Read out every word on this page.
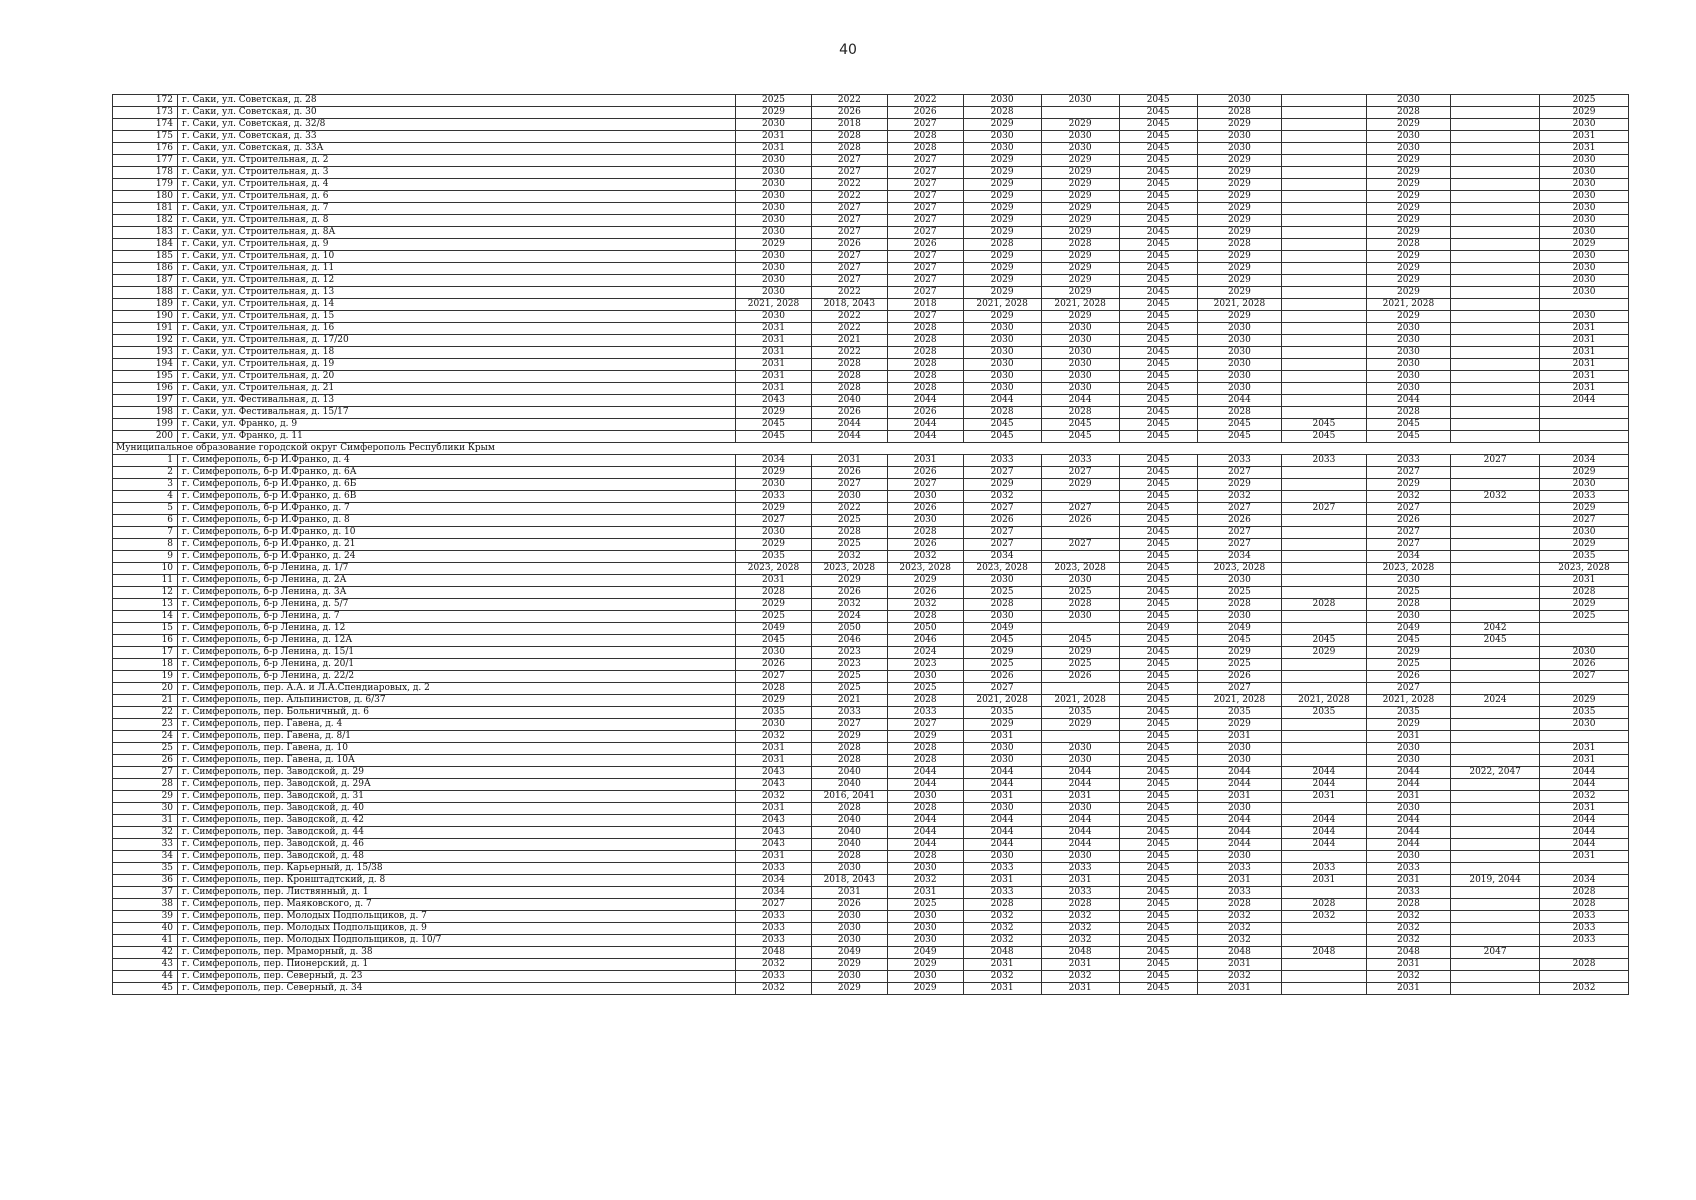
40
172	г. Саки, ул. Советская, д. 28	2025	2022	2022	2030	2030	2045	2030		2030		2025
173	г. Саки, ул. Советская, д. 30	2029	2026	2026	2028		2045	2028		2028		2029
174	г. Саки, ул. Советская, д. 32/8	2030	2018	2027	2029	2029	2045	2029		2029		2030
175	г. Саки, ул. Советская, д. 33	2031	2028	2028	2030	2030	2045	2030		2030		2031
176	г. Саки, ул. Советская, д. 33А	2031	2028	2028	2030	2030	2045	2030		2030		2031
177	г. Саки, ул. Строительная, д. 2	2030	2027	2027	2029	2029	2045	2029		2029		2030
178	г. Саки, ул. Строительная, д. 3	2030	2027	2027	2029	2029	2045	2029		2029		2030
179	г. Саки, ул. Строительная, д. 4	2030	2022	2027	2029	2029	2045	2029		2029		2030
180	г. Саки, ул. Строительная, д. 6	2030	2022	2027	2029	2029	2045	2029		2029		2030
181	г. Саки, ул. Строительная, д. 7	2030	2027	2027	2029	2029	2045	2029		2029		2030
182	г. Саки, ул. Строительная, д. 8	2030	2027	2027	2029	2029	2045	2029		2029		2030
183	г. Саки, ул. Строительная, д. 8А	2030	2027	2027	2029	2029	2045	2029		2029		2030
184	г. Саки, ул. Строительная, д. 9	2029	2026	2026	2028	2028	2045	2028		2028		2029
185	г. Саки, ул. Строительная, д. 10	2030	2027	2027	2029	2029	2045	2029		2029		2030
186	г. Саки, ул. Строительная, д. 11	2030	2027	2027	2029	2029	2045	2029		2029		2030
187	г. Саки, ул. Строительная, д. 12	2030	2027	2027	2029	2029	2045	2029		2029		2030
188	г. Саки, ул. Строительная, д. 13	2030	2022	2027	2029	2029	2045	2029		2029		2030
189	г. Саки, ул. Строительная, д. 14	2021, 2028	2018, 2043	2018	2021, 2028	2021, 2028	2045	2021, 2028		2021, 2028		
190	г. Саки, ул. Строительная, д. 15	2030	2022	2027	2029	2029	2045	2029		2029		2030
191	г. Саки, ул. Строительная, д. 16	2031	2022	2028	2030	2030	2045	2030		2030		2031
192	г. Саки, ул. Строительная, д. 17/20	2031	2021	2028	2030	2030	2045	2030		2030		2031
193	г. Саки, ул. Строительная, д. 18	2031	2022	2028	2030	2030	2045	2030		2030		2031
194	г. Саки, ул. Строительная, д. 19	2031	2028	2028	2030	2030	2045	2030		2030		2031
195	г. Саки, ул. Строительная, д. 20	2031	2028	2028	2030	2030	2045	2030		2030		2031
196	г. Саки, ул. Строительная, д. 21	2031	2028	2028	2030	2030	2045	2030		2030		2031
197	г. Саки, ул. Фестивальная, д. 13	2043	2040	2044	2044	2044	2045	2044		2044		2044
198	г. Саки, ул. Фестивальная, д. 15/17	2029	2026	2026	2028	2028	2045	2028		2028		
199	г. Саки, ул. Франко, д. 9	2045	2044	2044	2045	2045	2045	2045	2045	2045		
200	г. Саки, ул. Франко, д. 11	2045	2044	2044	2045	2045	2045	2045	2045	2045		
Муниципальное образование городской округ Симферополь Республики Крым												
1	г. Симферополь, б-р И.Франко, д. 4	2034	2031	2031	2033	2033	2045	2033	2033	2033	2027	2034
2	г. Симферополь, б-р И.Франко, д. 6А	2029	2026	2026	2027	2027	2045	2027		2027		2029
3	г. Симферополь, б-р И.Франко, д. 6Б	2030	2027	2027	2029	2029	2045	2029		2029		2030
4	г. Симферополь, б-р И.Франко, д. 6В	2033	2030	2030	2032		2045	2032		2032	2032	2033
5	г. Симферополь, б-р И.Франко, д. 7	2029	2022	2026	2027	2027	2045	2027	2027	2027		2029
6	г. Симферополь, б-р И.Франко, д. 8	2027	2025	2030	2026	2026	2045	2026		2026		2027
7	г. Симферополь, б-р И.Франко, д. 10	2030	2028	2028	2027		2045	2027		2027		2030
8	г. Симферополь, б-р И.Франко, д. 21	2029	2025	2026	2027	2027	2045	2027		2027		2029
9	г. Симферополь, б-р И.Франко, д. 24	2035	2032	2032	2034		2045	2034		2034		2035
10	г. Симферополь, б-р Ленина, д. 1/7	2023, 2028	2023, 2028	2023, 2028	2023, 2028	2023, 2028	2045	2023, 2028		2023, 2028		2023, 2028
11	г. Симферополь, б-р Ленина, д. 2А	2031	2029	2029	2030	2030	2045	2030		2030		2031
12	г. Симферополь, б-р Ленина, д. 3А	2028	2026	2026	2025	2025	2045	2025		2025		2028
13	г. Симферополь, б-р Ленина, д. 5/7	2029	2032	2032	2028	2028	2045	2028	2028	2028		2029
14	г. Симферополь, б-р Ленина, д. 7	2025	2024	2028	2030	2030	2045	2030		2030		2025
15	г. Симферополь, б-р Ленина, д. 12	2049	2050	2050	2049		2049	2049		2049	2042	
16	г. Симферополь, б-р Ленина, д. 12А	2045	2046	2046	2045	2045	2045	2045	2045	2045	2045	
17	г. Симферополь, б-р Ленина, д. 15/1	2030	2023	2024	2029	2029	2045	2029	2029	2029		2030
18	г. Симферополь, б-р Ленина, д. 20/1	2026	2023	2023	2025	2025	2045	2025		2025		2026
19	г. Симферополь, б-р Ленина, д. 22/2	2027	2025	2030	2026	2026	2045	2026		2026		2027
20	г. Симферополь, пер. А.А. и Л.А.Спендиаровых, д. 2	2028	2025	2025	2027		2045	2027		2027		
21	г. Симферополь, пер. Альпинистов, д. 6/37	2029	2021	2028	2021, 2028	2021, 2028	2045	2021, 2028	2021, 2028	2021, 2028	2024	2029
22	г. Симферополь, пер. Больничный, д. 6	2035	2033	2033	2035	2035	2045	2035	2035	2035		2035
23	г. Симферополь, пер. Гавена, д. 4	2030	2027	2027	2029	2029	2045	2029		2029		2030
24	г. Симферополь, пер. Гавена, д. 8/1	2032	2029	2029	2031		2045	2031		2031		
25	г. Симферополь, пер. Гавена, д. 10	2031	2028	2028	2030	2030	2045	2030		2030		2031
26	г. Симферополь, пер. Гавена, д. 10А	2031	2028	2028	2030	2030	2045	2030		2030		2031
27	г. Симферополь, пер. Заводской, д. 29	2043	2040	2044	2044	2044	2045	2044	2044	2044	2022, 2047	2044
28	г. Симферополь, пер. Заводской, д. 29А	2043	2040	2044	2044	2044	2045	2044	2044	2044		2044
29	г. Симферополь, пер. Заводской, д. 31	2032	2016, 2041	2030	2031	2031	2045	2031	2031	2031		2032
30	г. Симферополь, пер. Заводской, д. 40	2031	2028	2028	2030	2030	2045	2030		2030		2031
31	г. Симферополь, пер. Заводской, д. 42	2043	2040	2044	2044	2044	2045	2044	2044	2044		2044
32	г. Симферополь, пер. Заводской, д. 44	2043	2040	2044	2044	2044	2045	2044	2044	2044		2044
33	г. Симферополь, пер. Заводской, д. 46	2043	2040	2044	2044	2044	2045	2044	2044	2044		2044
34	г. Симферополь, пер. Заводской, д. 48	2031	2028	2028	2030	2030	2045	2030		2030		2031
35	г. Симферополь, пер. Карьерный, д. 15/38	2033	2030	2030	2033	2033	2045	2033	2033	2033		
36	г. Симферополь, пер. Кронштадтский, д. 8	2034	2018, 2043	2032	2031	2031	2045	2031	2031	2031	2019, 2044	2034
37	г. Симферополь, пер. Листвянный, д. 1	2034	2031	2031	2033	2033	2045	2033		2033		2028
38	г. Симферополь, пер. Маяковского, д. 7	2027	2026	2025	2028	2028	2045	2028	2028	2028		2028
39	г. Симферополь, пер. Молодых Подпольщиков, д. 7	2033	2030	2030	2032	2032	2045	2032	2032	2032		2033
40	г. Симферополь, пер. Молодых Подпольщиков, д. 9	2033	2030	2030	2032	2032	2045	2032		2032		2033
41	г. Симферополь, пер. Молодых Подпольщиков, д. 10/7	2033	2030	2030	2032	2032	2045	2032		2032		2033
42	г. Симферополь, пер. Мраморный, д. 38	2048	2049	2049	2048	2048	2045	2048	2048	2048	2047	
43	г. Симферополь, пер. Пионерский, д. 1	2032	2029	2029	2031	2031	2045	2031		2031		2028
44	г. Симферополь, пер. Северный, д. 23	2033	2030	2030	2032	2032	2045	2032		2032		
45	г. Симферополь, пер. Северный, д. 34	2032	2029	2029	2031	2031	2045	2031		2031		2032
